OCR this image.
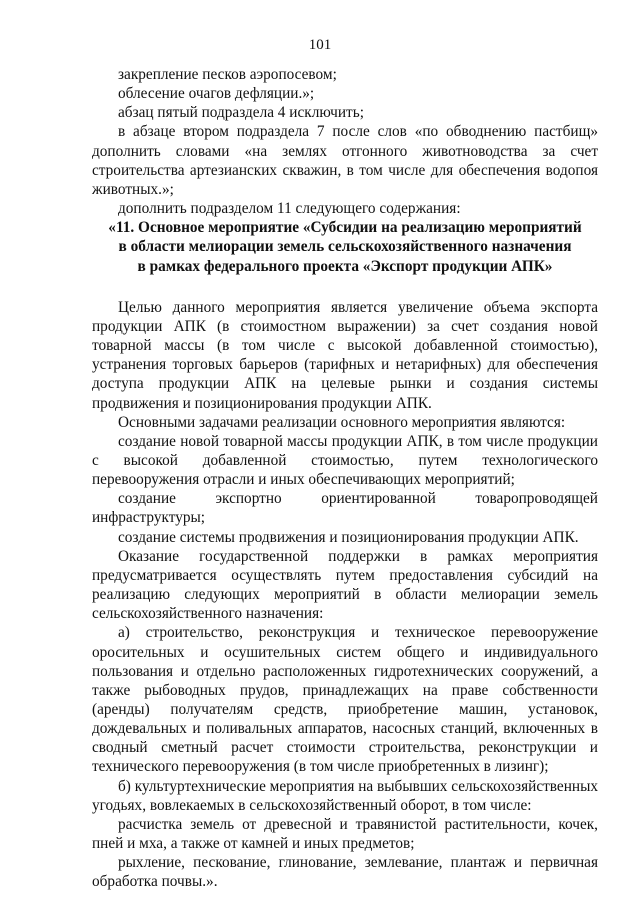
101

закрепление песков аэропосевом;

облесение очагов дефляции.»;

абзац пятый подраздела 4 исключить;

в абзаце втором подраздела 7 после слов «по обводнению пастбищ» дополнить словами «на землях отгонного животноводства за счет строительства артезианских скважин, в том числе для обеспечения водопоя животных.»;

дополнить подразделом 11 следующего содержания:

«11. Основное мероприятие «Субсидии на реализацию мероприятий
в области мелиорации земель сельскохозяйственного назначения
в рамках федерального проекта «Экспорт продукции АПК»

Целью данного мероприятия является увеличение объема экспорта продукции АПК (в стоимостном выражении) за счет создания новой товарной массы (в том числе с высокой добавленной стоимостью), устранения торговых барьеров (тарифных и нетарифных) для обеспечения доступа продукции АПК на целевые рынки и создания системы продвижения и позиционирования продукции АПК.

Основными задачами реализации основного мероприятия являются:

создание новой товарной массы продукции АПК, в том числе продукции с высокой добавленной стоимостью, путем технологического перевооружения отрасли и иных обеспечивающих мероприятий;

создание экспортно ориентированной товаропроводящей инфраструктуры;

создание системы продвижения и позиционирования продукции АПК.

Оказание государственной поддержки в рамках мероприятия предусматривается осуществлять путем предоставления субсидий на реализацию следующих мероприятий в области мелиорации земель сельскохозяйственного назначения:

а) строительство, реконструкция и техническое перевооружение оросительных и осушительных систем общего и индивидуального пользования и отдельно расположенных гидротехнических сооружений, а также рыбоводных прудов, принадлежащих на праве собственности (аренды) получателям средств, приобретение машин, установок, дождевальных и поливальных аппаратов, насосных станций, включенных в сводный сметный расчет стоимости строительства, реконструкции и технического перевооружения (в том числе приобретенных в лизинг);

б) культуртехнические мероприятия на выбывших сельскохозяйственных угодьях, вовлекаемых в сельскохозяйственный оборот, в том числе:

расчистка земель от древесной и травянистой растительности, кочек, пней и мха, а также от камней и иных предметов;

рыхление, пескование, глинование, землевание, плантаж и первичная обработка почвы.».
